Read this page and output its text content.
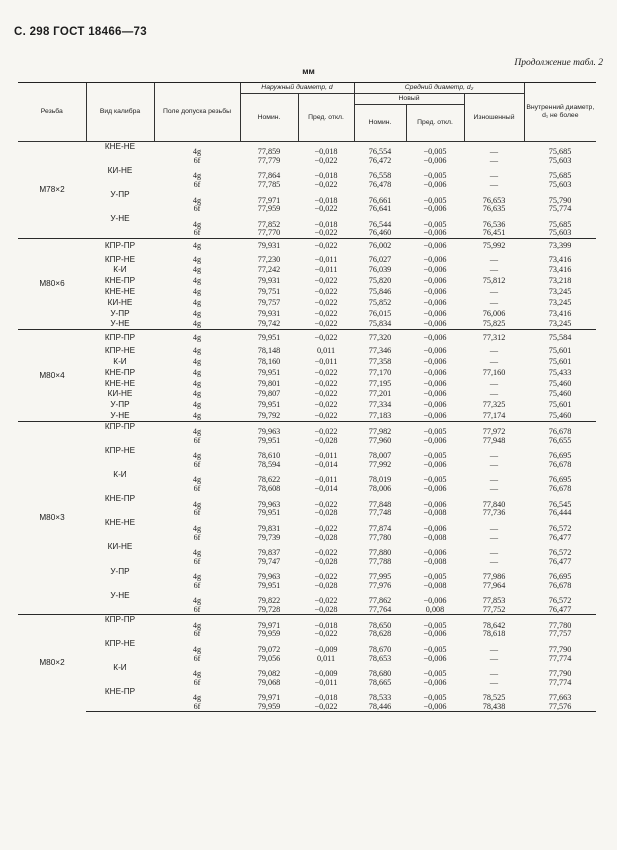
С. 298 ГОСТ 18466—73
Продолжение табл. 2
мм
Резьба	Вид калибра	Поле допуска резьбы	Наружный диаметр, d		Средний диаметр, d₂			Внутренний диаметр, d₁ не более
			Номин.	Пред. откл.	Новый		Изношенный	
					Номин.	Пред. откл.		
M78×2	КНЕ-НЕ	4g	77,859	−0,018	76,554	−0,005	—	75,685
		6f	77,779	−0,022	76,472	−0,006	—	75,603
	КИ-НЕ	4g	77,864	−0,018	76,558	−0,005	—	75,685
		6f	77,785	−0,022	76,478	−0,006	—	75,603
	У-ПР	4g	77,971	−0,018	76,661	−0,005	76,653	75,790
		6f	77,959	−0,022	76,641	−0,006	76,635	75,774
	У-НЕ	4g	77,852	−0,018	76,544	−0,005	76,536	75,685
		6f	77,770	−0,022	76,460	−0,006	76,451	75,603
M80×6	КПР-ПР	4g	79,931	−0,022	76,002	−0,006	75,992	73,399
	КПР-НЕ	4g	77,230	−0,011	76,027	−0,006	—	73,416
	К-И	4g	77,242	−0,011	76,039	−0,006	—	73,416
	КНЕ-ПР	4g	79,931	−0,022	75,820	−0,006	75,812	73,218
	КНЕ-НЕ	4g	79,751	−0,022	75,846	−0,006	—	73,245
	КИ-НЕ	4g	79,757	−0,022	75,852	−0,006	—	73,245
	У-ПР	4g	79,931	−0,022	76,015	−0,006	76,006	73,416
	У-НЕ	4g	79,742	−0,022	75,834	−0,006	75,825	73,245
M80×4	КПР-ПР	4g	79,951	−0,022	77,320	−0,006	77,312	75,584
	КПР-НЕ	4g	78,148	0,011	77,346	−0,006	—	75,601
	К-И	4g	78,160	−0,011	77,358	−0,006	—	75,601
	КНЕ-ПР	4g	79,951	−0,022	77,170	−0,006	77,160	75,433
	КНЕ-НЕ	4g	79,801	−0,022	77,195	−0,006	—	75,460
	КИ-НЕ	4g	79,807	−0,022	77,201	−0,006	—	75,460
	У-ПР	4g	79,951	−0,022	77,334	−0,006	77,325	75,601
	У-НЕ	4g	79,792	−0,022	77,183	−0,006	77,174	75,460
M80×3	КПР-ПР	4g	79,963	−0,022	77,982	−0,005	77,972	76,678
		6f	79,951	−0,028	77,960	−0,006	77,948	76,655
	КПР-НЕ	4g	78,610	−0,011	78,007	−0,005	—	76,695
		6f	78,594	−0,014	77,992	−0,006	—	76,678
	К-И	4g	78,622	−0,011	78,019	−0,005	—	76,695
		6f	78,608	−0,014	78,006	−0,006	—	76,678
	КНЕ-ПР	4g	79,963	−0,022	77,848	−0,006	77,840	76,545
		6f	79,951	−0,028	77,748	−0,008	77,736	76,444
	КНЕ-НЕ	4g	79,831	−0,022	77,874	−0,006	—	76,572
		6f	79,739	−0,028	77,780	−0,008	—	76,477
	КИ-НЕ	4g	79,837	−0,022	77,880	−0,006	—	76,572
		6f	79,747	−0,028	77,788	−0,008	—	76,477
	У-ПР	4g	79,963	−0,022	77,995	−0,005	77,986	76,695
		6f	79,951	−0,028	77,976	−0,008	77,964	76,678
	У-НЕ	4g	79,822	−0,022	77,862	−0,006	77,853	76,572
		6f	79,728	−0,028	77,764	0,008	77,752	76,477
M80×2	КПР-ПР	4g	79,971	−0,018	78,650	−0,005	78,642	77,780
		6f	79,959	−0,022	78,628	−0,006	78,618	77,757
	КПР-НЕ	4g	79,072	−0,009	78,670	−0,005	—	77,790
		6f	79,056	0,011	78,653	−0,006	—	77,774
	К-И	4g	79,082	−0,009	78,680	−0,005	—	77,790
		6f	79,068	−0,011	78,665	−0,006	—	77,774
	КНЕ-ПР	4g	79,971	−0,018	78,533	−0,005	78,525	77,663
		6f	79,959	−0,022	78,446	−0,006	78,438	77,576
